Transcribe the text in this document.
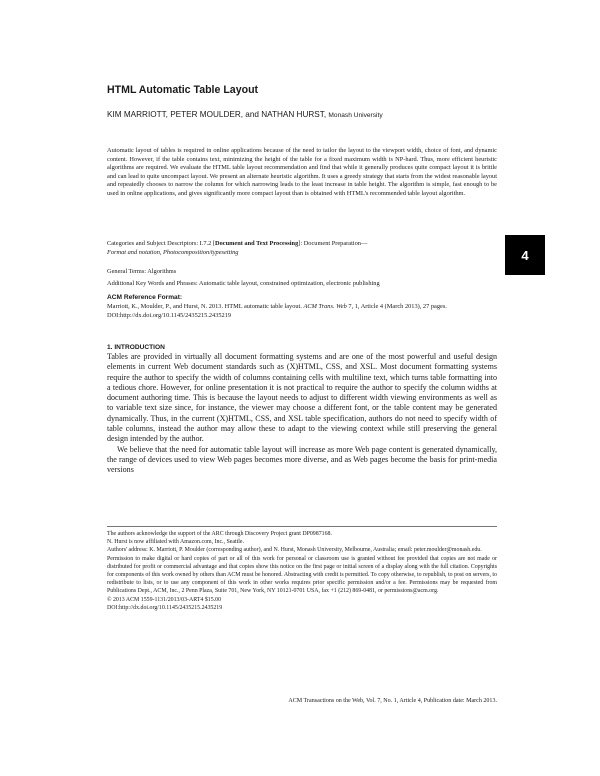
HTML Automatic Table Layout
KIM MARRIOTT, PETER MOULDER, and NATHAN HURST, Monash University

Automatic layout of tables is required in online applications because of the need to tailor the layout to the viewport width, choice of font, and dynamic content. However, if the table contains text, minimizing the height of the table for a fixed maximum width is NP-hard. Thus, more efficient heuristic algorithms are required. We evaluate the HTML table layout recommendation and find that while it generally produces quite compact layout it is brittle and can lead to quite uncompact layout. We present an alternate heuristic algorithm. It uses a greedy strategy that starts from the widest reasonable layout and repeatedly chooses to narrow the column for which narrowing leads to the least increase in table height. The algorithm is simple, fast enough to be used in online applications, and gives significantly more compact layout than is obtained with HTML's recommended table layout algorithm.

Categories and Subject Descriptors: I.7.2 [Document and Text Processing]: Document Preparation—
Format and notation, Photocomposition/typesetting

General Terms: Algorithms
Additional Key Words and Phrases: Automatic table layout, constrained optimization, electronic publishing
ACM Reference Format:

Marriott, K., Moulder, P., and Hurst, N. 2013. HTML automatic table layout. ACM Trans. Web 7, 1, Article 4 (March 2013), 27 pages.
DOI:http://dx.doi.org/10.1145/2435215.2435219

1. INTRODUCTION

Tables are provided in virtually all document formatting systems and are one of the most powerful and useful design elements in current Web document standards such as (X)HTML, CSS, and XSL. Most document formatting systems require the author to specify the width of columns containing cells with multiline text, which turns table formatting into a tedious chore. However, for online presentation it is not practical to require the author to specify the column widths at document authoring time. This is because the layout needs to adjust to different width viewing environments as well as to variable text size since, for instance, the viewer may choose a different font, or the table content may be generated dynamically. Thus, in the current (X)HTML, CSS, and XSL table specification, authors do not need to specify width of table columns, instead the author may allow these to adapt to the viewing context while still preserving the general design intended by the author.

We believe that the need for automatic table layout will increase as more Web page content is generated dynamically, the range of devices used to view Web pages becomes more diverse, and as Web pages become the basis for print-media versions

The authors acknowledge the support of the ARC through Discovery Project grant DP0987168.

N. Hurst is now affiliated with Amazon.com, Inc., Seattle.

Authors' address: K. Marriott, P. Moulder (corresponding author), and N. Hurst, Monash University, Melbourne, Australia; email: peter.moulder@monash.edu.

Permission to make digital or hard copies of part or all of this work for personal or classroom use is granted without fee provided that copies are not made or distributed for profit or commercial advantage and that copies show this notice on the first page or initial screen of a display along with the full citation. Copyrights for components of this work owned by others than ACM must be honored. Abstracting with credit is permitted. To copy otherwise, to republish, to post on servers, to redistribute to lists, or to use any component of this work in other works requires prior specific permission and/or a fee. Permissions may be requested from Publications Dept., ACM, Inc., 2 Penn Plaza, Suite 701, New York, NY 10121-0701 USA, fax +1 (212) 869-0481, or permissions@acm.org.

© 2013 ACM 1559-1131/2013/03-ART4 $15.00

DOI:http://dx.doi.org/10.1145/2435215.2435219

ACM Transactions on the Web, Vol. 7, No. 1, Article 4, Publication date: March 2013.
4
